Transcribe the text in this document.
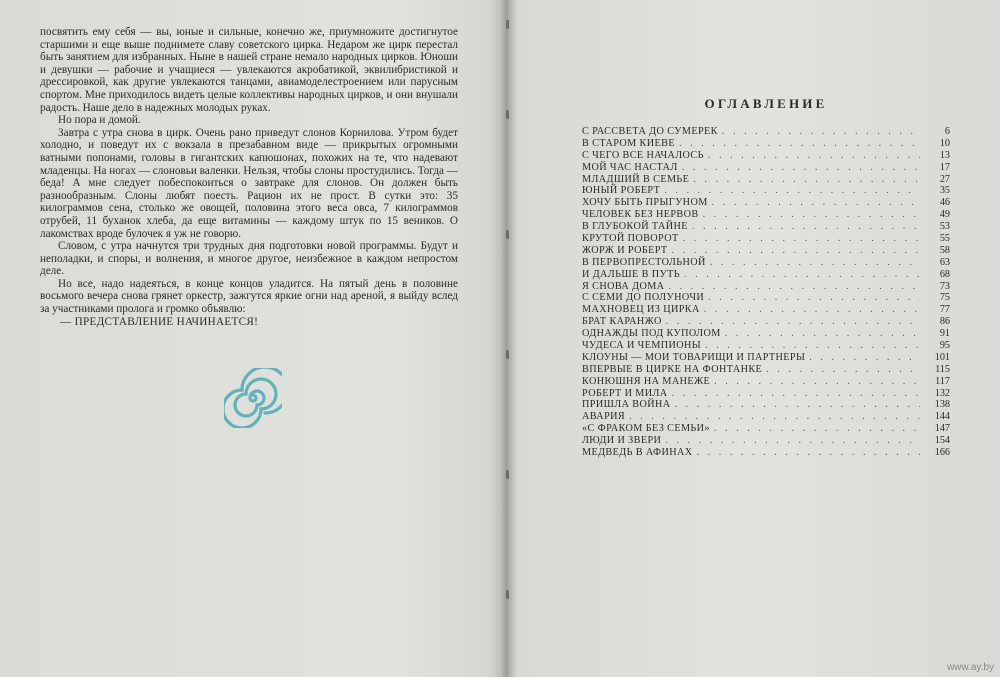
посвятить ему себя — вы, юные и сильные, конечно же, приумножите достигнутое старшими и еще выше поднимете славу советского цирка. Недаром же цирк перестал быть занятием для избранных. Ныне в нашей стране немало народных цирков. Юноши и девушки — рабочие и учащиеся — увлекаются акробатикой, эквилибристикой и дрессировкой, как другие увлекаются танцами, авиамоделестроением или парусным спортом. Мне приходилось видеть целые коллективы народных цирков, и они внушали радость. Наше дело в надежных молодых руках.

Но пора и домой.

Завтра с утра снова в цирк. Очень рано приведут слонов Корнилова. Утром будет холодно, и поведут их с вокзала в презабавном виде — прикрытых огромными ватными попонами, головы в гигантских капюшонах, похожих на те, что надевают младенцы. На ногах — слоновьи валенки. Нельзя, чтобы слоны простудились. Тогда — беда! А мне следует побеспокоиться о завтраке для слонов. Он должен быть разнообразным. Слоны любят поесть. Рацион их не прост. В сутки это: 35 килограммов сена, столько же овощей, половина этого веса овса, 7 килограммов отрубей, 11 буханок хлеба, да еще витамины — каждому штук по 15 веников. О лакомствах вроде булочек я уж не говорю.

Словом, с утра начнутся три трудных дня подготовки новой программы. Будут и неполадки, и споры, и волнения, и многое другое, неизбежное в каждом непростом деле.

Но все, надо надеяться, в конце концов уладится. На пятый день в половине восьмого вечера снова грянет оркестр, зажгутся яркие огни над ареной, я выйду вслед за участниками пролога и громко объявлю:

— ПРЕДСТАВЛЕНИЕ НАЧИНАЕТСЯ!

ОГЛАВЛЕНИЕ
С РАССВЕТА ДО СУМЕРЕК . . .	6
В СТАРОМ КИЕВЕ . . .	10
С ЧЕГО ВСЕ НАЧАЛОСЬ . . .	13
МОЙ ЧАС НАСТАЛ . . .	17
МЛАДШИЙ В СЕМЬЕ . . .	27
ЮНЫЙ РОБЕРТ . . .	35
ХОЧУ БЫТЬ ПРЫГУНОМ . . .	46
ЧЕЛОВЕК БЕЗ НЕРВОВ . . .	49
В ГЛУБОКОЙ ТАЙНЕ . . .	53
КРУТОЙ ПОВОРОТ . . .	55
ЖОРЖ И РОБЕРТ . . .	58
В ПЕРВОПРЕСТОЛЬНОЙ . . .	63
И ДАЛЬШЕ В ПУТЬ . . .	68
Я СНОВА ДОМА . . .	73
С СЕМИ ДО ПОЛУНОЧИ . . .	75
МАХНОВЕЦ ИЗ ЦИРКА . . .	77
БРАТ КАРАНЖО . . .	86
ОДНАЖДЫ ПОД КУПОЛОМ . . .	91
ЧУДЕСА И ЧЕМПИОНЫ . . .	95
КЛОУНЫ — МОИ ТОВАРИЩИ И ПАРТНЕРЫ . . .	101
ВПЕРВЫЕ В ЦИРКЕ НА ФОНТАНКЕ . . .	115
КОНЮШНЯ НА МАНЕЖЕ . . .	117
РОБЕРТ И МИЛА . . .	132
ПРИШЛА ВОЙНА . . .	138
АВАРИЯ . . .	144
«С ФРАКОМ БЕЗ СЕМЬИ» . . .	147
ЛЮДИ И ЗВЕРИ . . .	154
МЕДВЕДЬ В АФИНАХ . . .	166
www.ay.by
